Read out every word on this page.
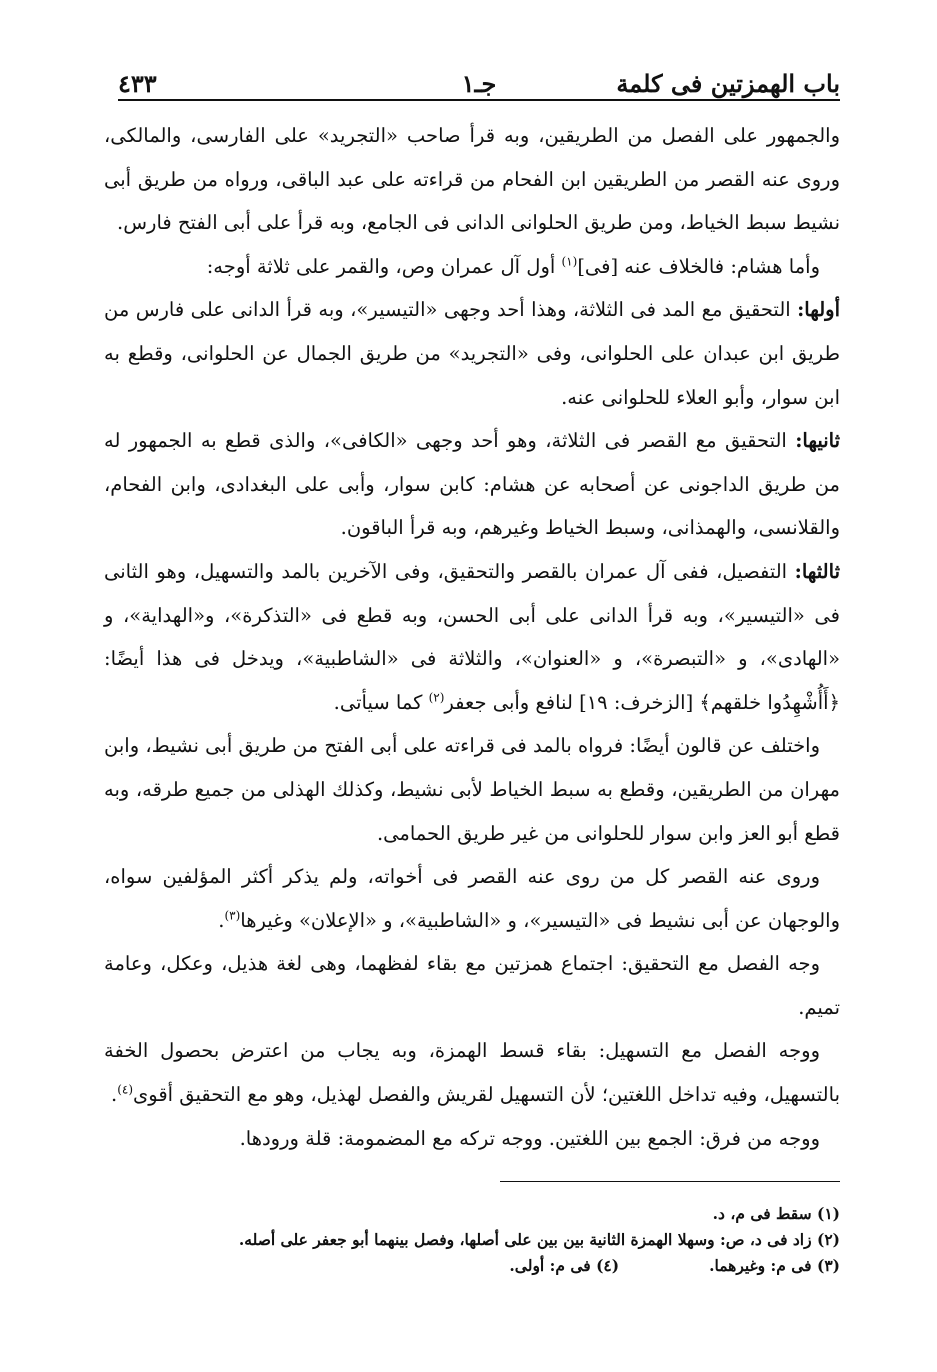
باب الهمزتين فى كلمة
جـ١
٤٣٣

والجمهور على الفصل من الطريقين، وبه قرأ صاحب «التجريد» على الفارسى، والمالكى، وروى عنه القصر من الطريقين ابن الفحام من قراءته على عبد الباقى، ورواه من طريق أبى نشيط سبط الخياط، ومن طريق الحلوانى الدانى فى الجامع، وبه قرأ على أبى الفتح فارس.

وأما هشام: فالخلاف عنه [فى]$^{(١)}$ أول آل عمران وص، والقمر على ثلاثة أوجه:

أولها: التحقيق مع المد فى الثلاثة، وهذا أحد وجهى «التيسير»، وبه قرأ الدانى على فارس من طريق ابن عبدان على الحلوانى، وفى «التجريد» من طريق الجمال عن الحلوانى، وقطع به ابن سوار، وأبو العلاء للحلوانى عنه.

ثانيها: التحقيق مع القصر فى الثلاثة، وهو أحد وجهى «الكافى»، والذى قطع به الجمهور له من طريق الداجونى عن أصحابه عن هشام: كابن سوار، وأبى على البغدادى، وابن الفحام، والقلانسى، والهمذانى، وسبط الخياط وغيرهم، وبه قرأ الباقون.

ثالثها: التفصيل، ففى آل عمران بالقصر والتحقيق، وفى الآخرين بالمد والتسهيل، وهو الثانى فى «التيسير»، وبه قرأ الدانى على أبى الحسن، وبه قطع فى «التذكرة»، و«الهداية»، و «الهادى»، و «التبصرة»، و «العنوان»، والثلاثة فى «الشاطبية»، ويدخل فى هذا أيضًا: ﴿أَأُشْهِدُوا خلقهم﴾ [الزخرف: ١٩] لنافع وأبى جعفر$^{(٢)}$ كما سيأتى.

واختلف عن قالون أيضًا: فرواه بالمد فى قراءته على أبى الفتح من طريق أبى نشيط، وابن مهران من الطريقين، وقطع به سبط الخياط لأبى نشيط، وكذلك الهذلى من جميع طرقه، وبه قطع أبو العز وابن سوار للحلوانى من غير طريق الحمامى.

وروى عنه القصر كل من روى عنه القصر فى أخواته، ولم يذكر أكثر المؤلفين سواه، والوجهان عن أبى نشيط فى «التيسير»، و «الشاطبية»، و «الإعلان» وغيرها$^{(٣)}$.

وجه الفصل مع التحقيق: اجتماع همزتين مع بقاء لفظهما، وهى لغة هذيل، وعكل، وعامة تميم.

ووجه الفصل مع التسهيل: بقاء قسط الهمزة، وبه يجاب من اعترض بحصول الخفة بالتسهيل، وفيه تداخل اللغتين؛ لأن التسهيل لقريش والفصل لهذيل، وهو مع التحقيق أقوى$^{(٤)}$.

ووجه من فرق: الجمع بين اللغتين. ووجه تركه مع المضمومة: قلة ورودها.

(١) سقط فى م، د.
(٢) زاد فى د، ص: وسهلا الهمزة الثانية بين بين على أصلها، وفصل بينهما أبو جعفر على أصله.
(٣) فى م: وغيرهما.
(٤) فى م: أولى.
